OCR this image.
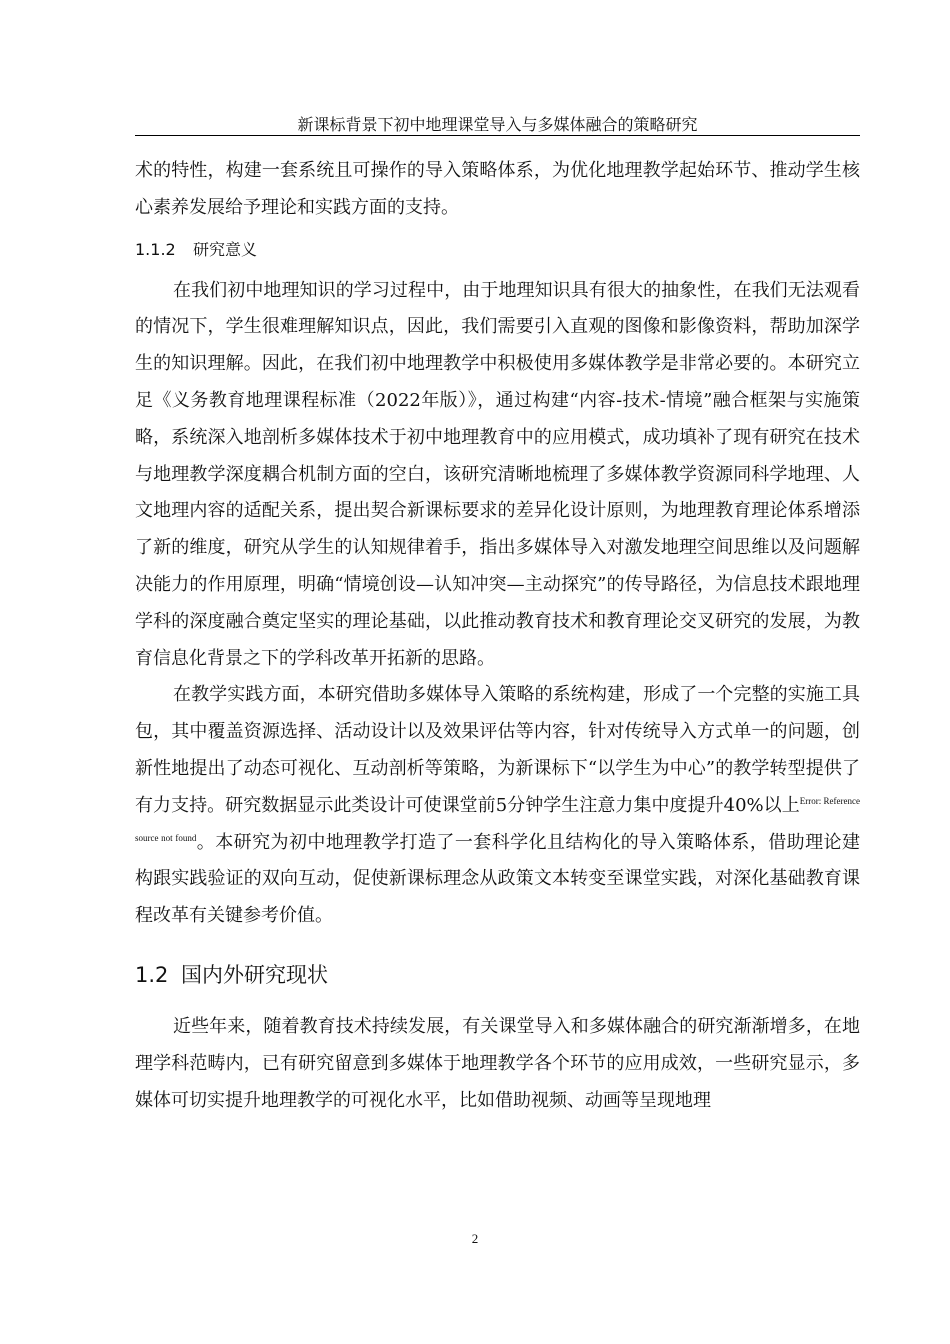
新课标背景下初中地理课堂导入与多媒体融合的策略研究

术的特性，构建一套系统且可操作的导入策略体系，为优化地理教学起始环节、推动学生核心素养发展给予理论和实践方面的支持。

1.1.2 研究意义

在我们初中地理知识的学习过程中，由于地理知识具有很大的抽象性，在我们无法观看的情况下，学生很难理解知识点，因此，我们需要引入直观的图像和影像资料，帮助加深学生的知识理解。因此，在我们初中地理教学中积极使用多媒体教学是非常必要的。本研究立足《义务教育地理课程标准（2022年版）》，通过构建“内容-技术-情境”融合框架与实施策略，系统深入地剖析多媒体技术于初中地理教育中的应用模式，成功填补了现有研究在技术与地理教学深度耦合机制方面的空白，该研究清晰地梳理了多媒体教学资源同科学地理、人文地理内容的适配关系，提出契合新课标要求的差异化设计原则，为地理教育理论体系增添了新的维度，研究从学生的认知规律着手，指出多媒体导入对激发地理空间思维以及问题解决能力的作用原理，明确“情境创设—认知冲突—主动探究”的传导路径，为信息技术跟地理学科的深度融合奠定坚实的理论基础，以此推动教育技术和教育理论交叉研究的发展，为教育信息化背景之下的学科改革开拓新的思路。

在教学实践方面，本研究借助多媒体导入策略的系统构建，形成了一个完整的实施工具包，其中覆盖资源选择、活动设计以及效果评估等内容，针对传统导入方式单一的问题，创新性地提出了动态可视化、互动剖析等策略，为新课标下“以学生为中心”的教学转型提供了有力支持。研究数据显示此类设计可使课堂前5分钟学生注意力集中度提升40%以上$^{Error: Reference source not found}$。本研究为初中地理教学打造了一套科学化且结构化的导入策略体系，借助理论建构跟实践验证的双向互动，促使新课标理念从政策文本转变至课堂实践，对深化基础教育课程改革有关键参考价值。

1.2 国内外研究现状

近些年来，随着教育技术持续发展，有关课堂导入和多媒体融合的研究渐渐增多，在地理学科范畴内，已有研究留意到多媒体于地理教学各个环节的应用成效，一些研究显示，多媒体可切实提升地理教学的可视化水平，比如借助视频、动画等呈现地理

2
